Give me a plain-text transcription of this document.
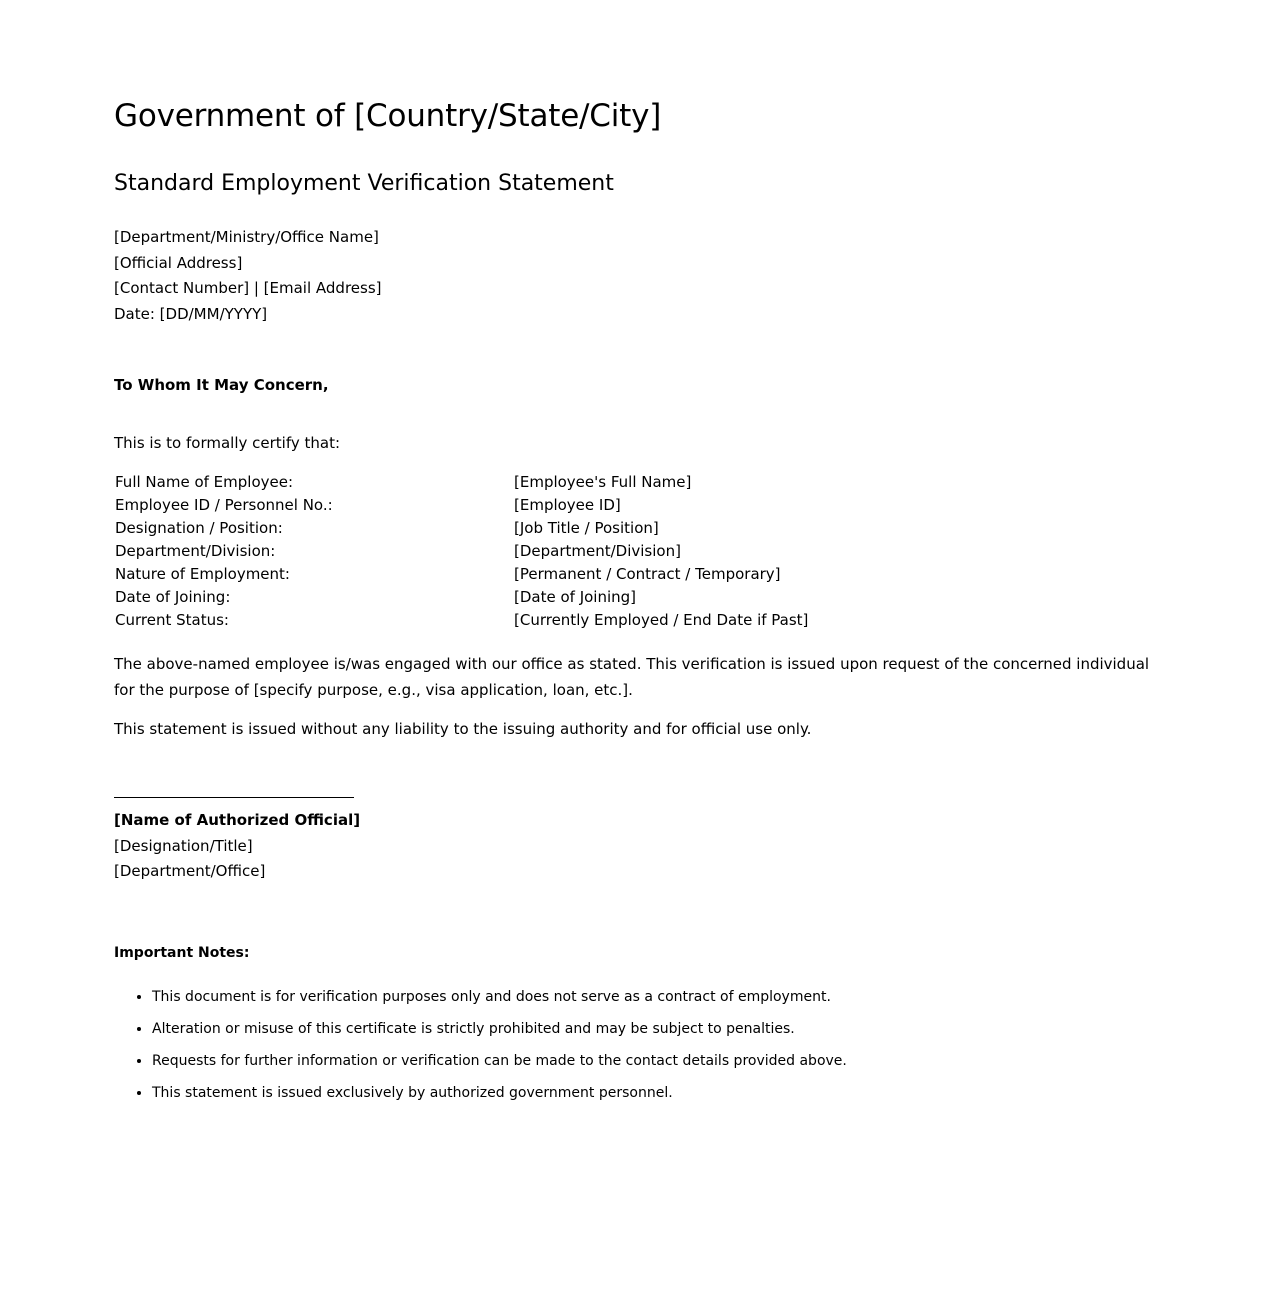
Government of [Country/State/City]
Standard Employment Verification Statement
[Department/Ministry/Office Name]
[Official Address]
[Contact Number] | [Email Address]
Date: [DD/MM/YYYY]
To Whom It May Concern,
This is to formally certify that:
Full Name of Employee:	[Employee's Full Name]
Employee ID / Personnel No.:	[Employee ID]
Designation / Position:	[Job Title / Position]
Department/Division:	[Department/Division]
Nature of Employment:	[Permanent / Contract / Temporary]
Date of Joining:	[Date of Joining]
Current Status:	[Currently Employed / End Date if Past]

The above-named employee is/was engaged with our office as stated. This verification is issued upon request of the concerned individual for the purpose of [specify purpose, e.g., visa application, loan, etc.].

This statement is issued without any liability to the issuing authority and for official use only.

[Name of Authorized Official]
[Designation/Title]
[Department/Office]
Important Notes:
• This document is for verification purposes only and does not serve as a contract of employment.
• Alteration or misuse of this certificate is strictly prohibited and may be subject to penalties.
• Requests for further information or verification can be made to the contact details provided above.
• This statement is issued exclusively by authorized government personnel.
